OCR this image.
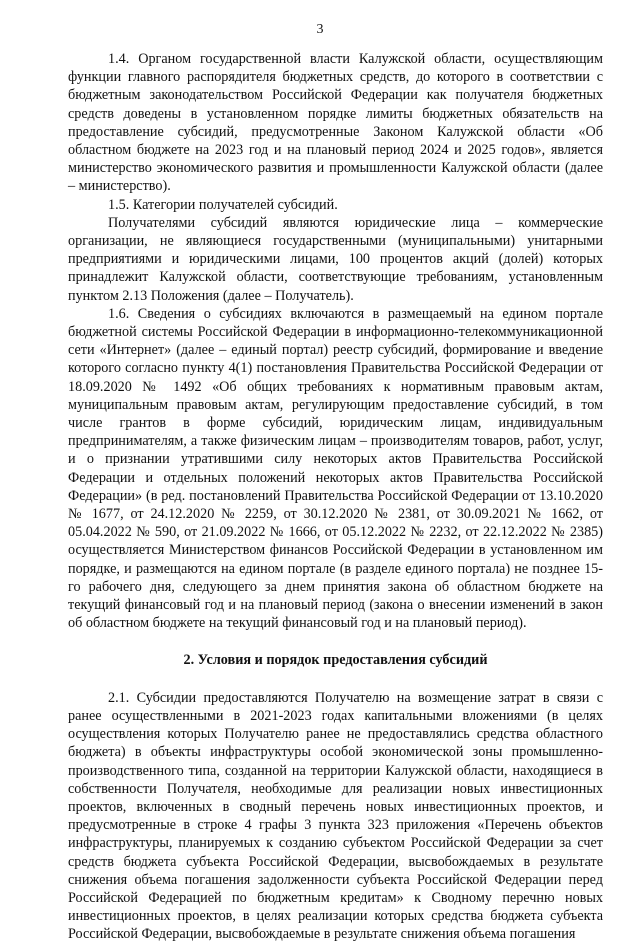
3

1.4. Органом государственной власти Калужской области, осуществляющим функции главного распорядителя бюджетных средств, до которого в соответствии с бюджетным законодательством Российской Федерации как получателя бюджетных средств доведены в установленном порядке лимиты бюджетных обязательств на предоставление субсидий, предусмотренные Законом Калужской области «Об областном бюджете на 2023 год и на плановый период 2024 и 2025 годов», является министерство экономического развития и промышленности Калужской области (далее – министерство).

1.5. Категории получателей субсидий.

Получателями субсидий являются юридические лица – коммерческие организации, не являющиеся государственными (муниципальными) унитарными предприятиями и юридическими лицами, 100 процентов акций (долей) которых принадлежит Калужской области, соответствующие требованиям, установленным пунктом 2.13 Положения (далее – Получатель).

1.6. Сведения о субсидиях включаются в размещаемый на едином портале бюджетной системы Российской Федерации в информационно-телекоммуникационной сети «Интернет» (далее – единый портал) реестр субсидий, формирование и введение которого согласно пункту 4(1) постановления Правительства Российской Федерации от 18.09.2020 № 1492 «Об общих требованиях к нормативным правовым актам, муниципальным правовым актам, регулирующим предоставление субсидий, в том числе грантов в форме субсидий, юридическим лицам, индивидуальным предпринимателям, а также физическим лицам – производителям товаров, работ, услуг, и о признании утратившими силу некоторых актов Правительства Российской Федерации и отдельных положений некоторых актов Правительства Российской Федерации» (в ред. постановлений Правительства Российской Федерации от 13.10.2020 № 1677, от 24.12.2020 № 2259, от 30.12.2020 № 2381, от 30.09.2021 № 1662, от 05.04.2022 № 590, от 21.09.2022 № 1666, от 05.12.2022 № 2232, от 22.12.2022 № 2385) осуществляется Министерством финансов Российской Федерации в установленном им порядке, и размещаются на едином портале (в разделе единого портала) не позднее 15-го рабочего дня, следующего за днем принятия закона об областном бюджете на текущий финансовый год и на плановый период (закона о внесении изменений в закон об областном бюджете на текущий финансовый год и на плановый период).

2. Условия и порядок предоставления субсидий

2.1. Субсидии предоставляются Получателю на возмещение затрат в связи с ранее осуществленными в 2021-2023 годах капитальными вложениями (в целях осуществления которых Получателю ранее не предоставлялись средства областного бюджета) в объекты инфраструктуры особой экономической зоны промышленно-производственного типа, созданной на территории Калужской области, находящиеся в собственности Получателя, необходимые для реализации новых инвестиционных проектов, включенных в сводный перечень новых инвестиционных проектов, и предусмотренные в строке 4 графы 3 пункта 323 приложения «Перечень объектов инфраструктуры, планируемых к созданию субъектом Российской Федерации за счет средств бюджета субъекта Российской Федерации, высвобождаемых в результате снижения объема погашения задолженности субъекта Российской Федерации перед Российской Федерацией по бюджетным кредитам» к Сводному перечню новых инвестиционных проектов, в целях реализации которых средства бюджета субъекта Российской Федерации, высвобождаемые в результате снижения объема погашения
